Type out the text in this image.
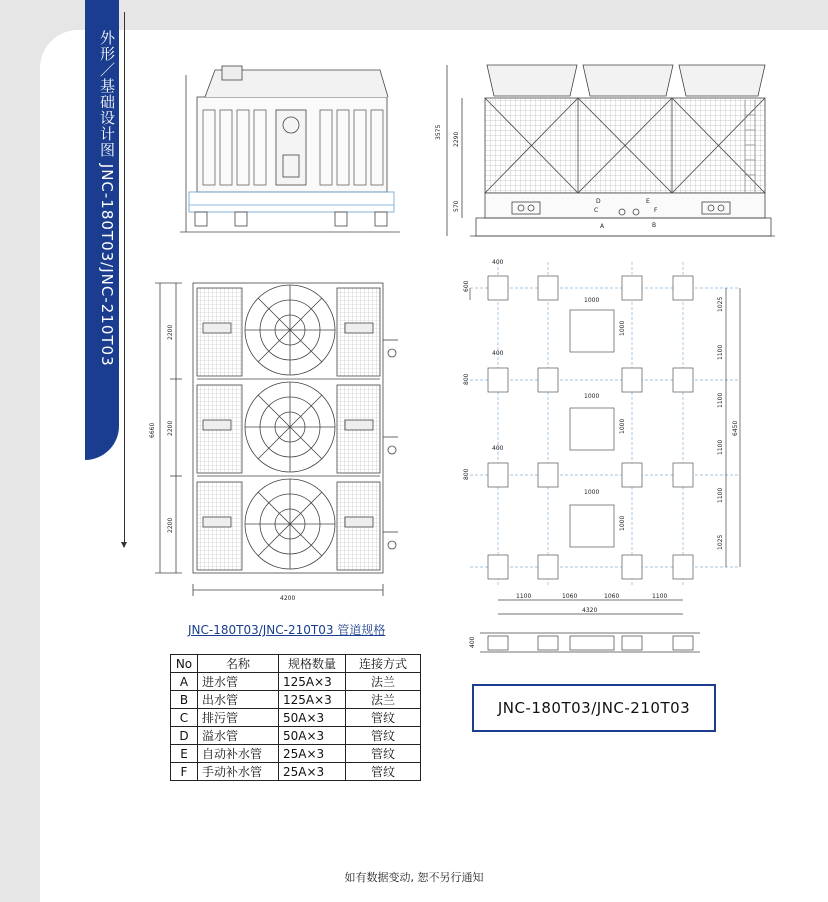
外形／基础设计图 JNC-180T03/JNC-210T03	3575 2290
570
A	B
C
D	E
F
6660
2200
2200
2200
4200
400
400
400
1000
1000
1000
1000
1000
1000
600
800
800
1025
1100
1100
1100
1100
1025
6450
1100	1060	1060	1100
4320
400
JNC-180T03/JNC-210T03 管道规格
No	名称	规格数量	连接方式
A	进水管	125A×3	法兰
B	出水管	125A×3	法兰
C	排污管	50A×3	管纹
D	溢水管	50A×3	管纹
E	自动补水管	25A×3	管纹
F	手动补水管	25A×3	管纹
JNC-180T03/JNC-210T03
如有数据变动, 恕不另行通知
